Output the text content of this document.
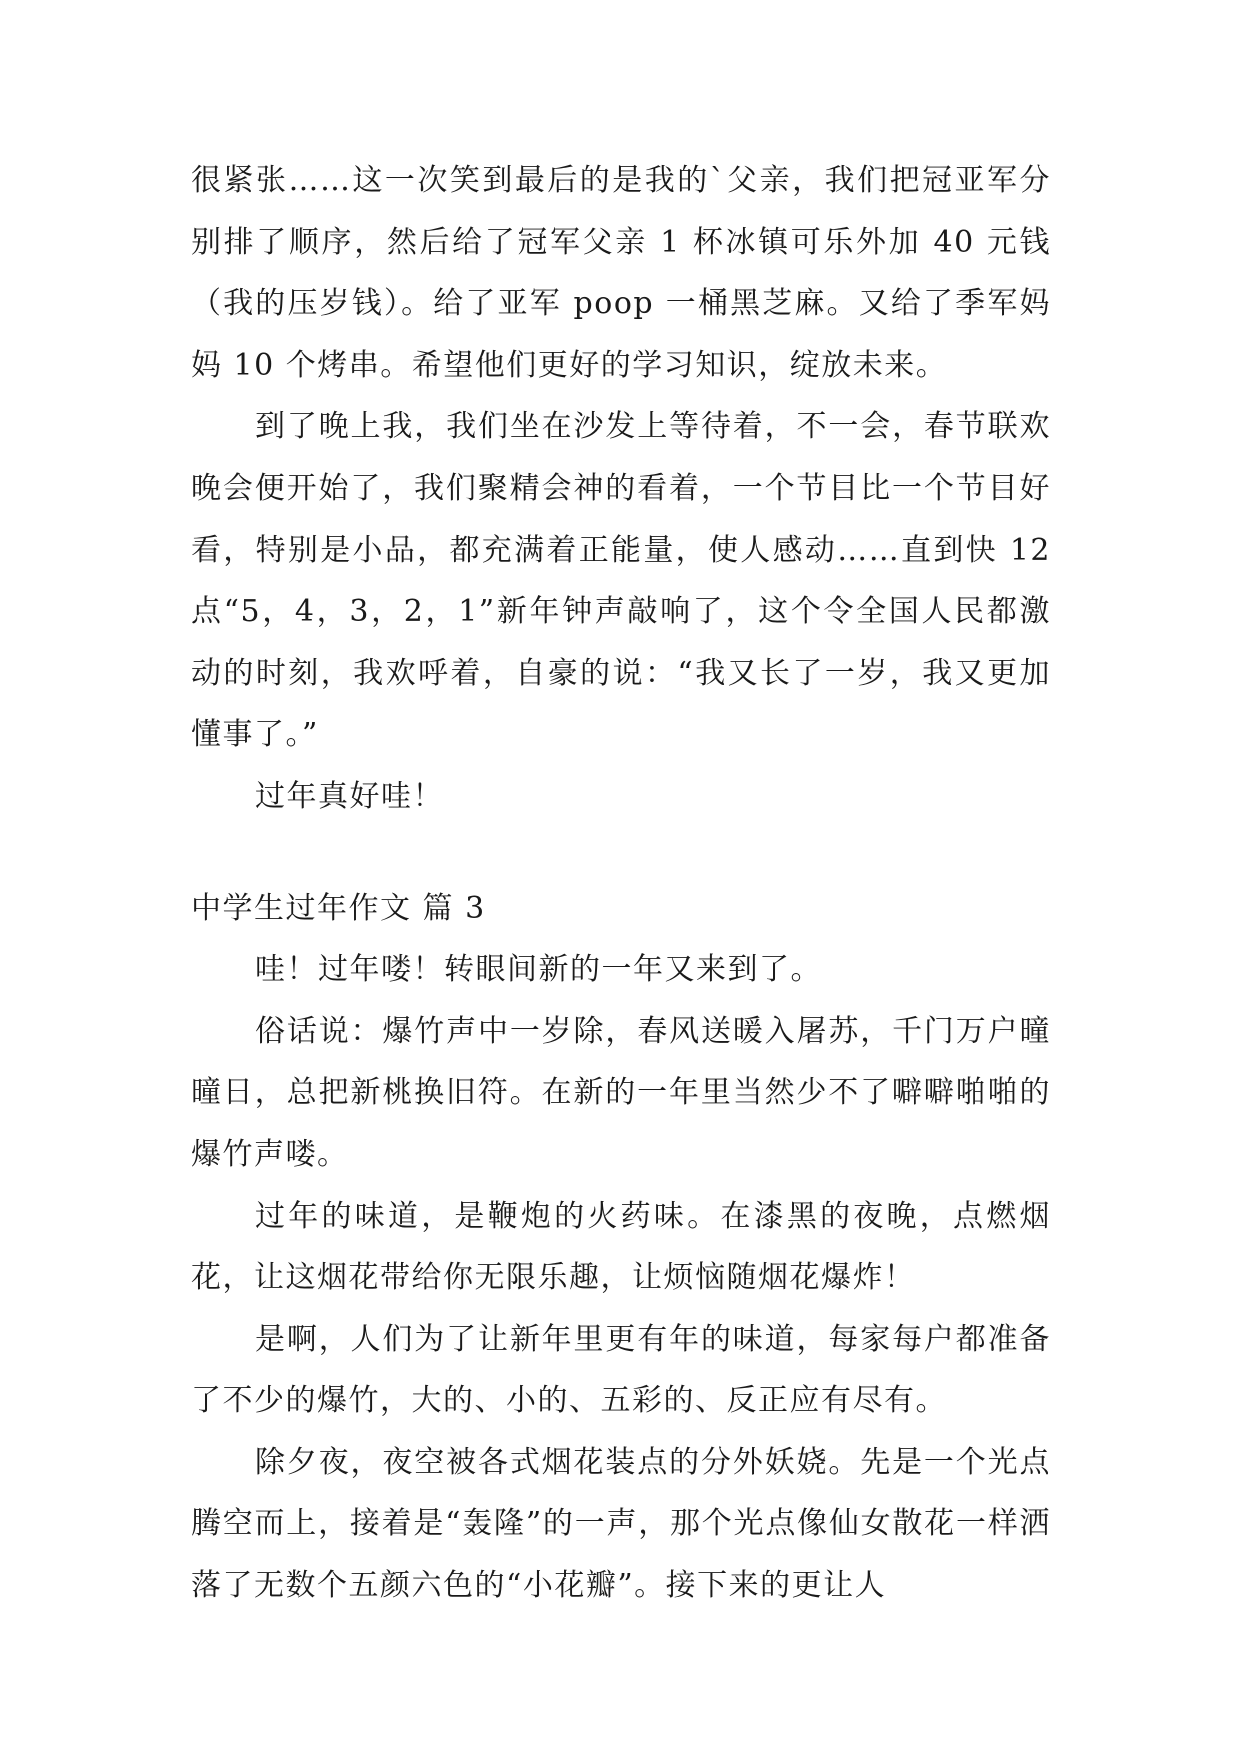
很紧张……这一次笑到最后的是我的`父亲，我们把冠亚军分别排了顺序，然后给了冠军父亲 1 杯冰镇可乐外加 40 元钱（我的压岁钱）。给了亚军 poop 一桶黑芝麻。又给了季军妈妈 10 个烤串。希望他们更好的学习知识，绽放未来。

到了晚上我，我们坐在沙发上等待着，不一会，春节联欢晚会便开始了，我们聚精会神的看着，一个节目比一个节目好看，特别是小品，都充满着正能量，使人感动……直到快 12 点“5，4，3，2，1”新年钟声敲响了，这个令全国人民都激动的时刻，我欢呼着，自豪的说：“我又长了一岁，我又更加懂事了。”

过年真好哇！

中学生过年作文 篇 3

哇！过年喽！转眼间新的一年又来到了。

俗话说：爆竹声中一岁除，春风送暖入屠苏，千门万户曈曈日，总把新桃换旧符。在新的一年里当然少不了噼噼啪啪的爆竹声喽。

过年的味道，是鞭炮的火药味。在漆黑的夜晚，点燃烟花，让这烟花带给你无限乐趣，让烦恼随烟花爆炸！

是啊，人们为了让新年里更有年的味道，每家每户都准备了不少的爆竹，大的、小的、五彩的、反正应有尽有。

除夕夜，夜空被各式烟花装点的分外妖娆。先是一个光点腾空而上，接着是“轰隆”的一声，那个光点像仙女散花一样洒落了无数个五颜六色的“小花瓣”。接下来的更让人
